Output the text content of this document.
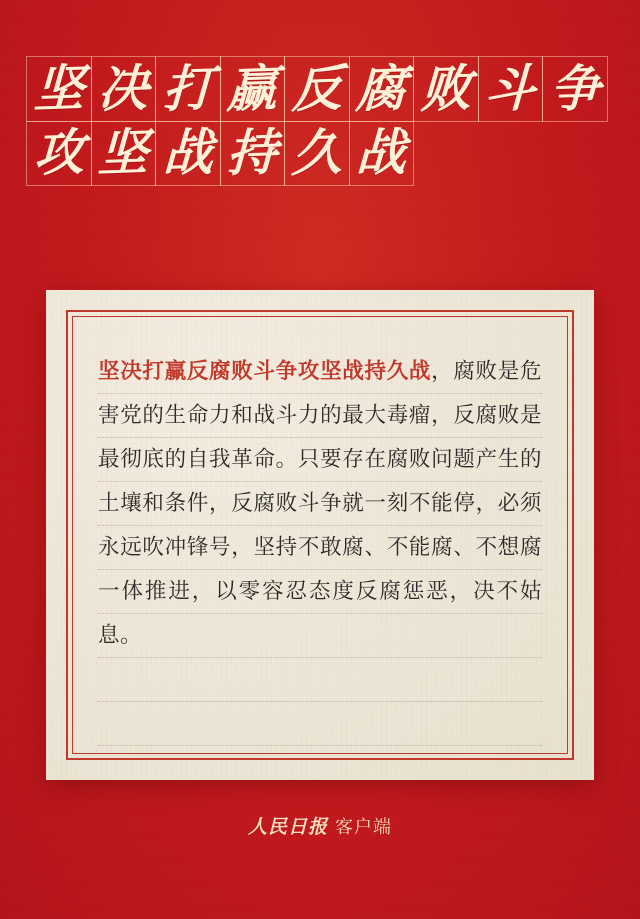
坚 决 打 赢 反 腐 败 斗 争
攻 坚 战 持 久 战

坚决打赢反腐败斗争攻坚战持久战，腐败是危害党的生命力和战斗力的最大毒瘤，反腐败是最彻底的自我革命。只要存在腐败问题产生的土壤和条件，反腐败斗争就一刻不能停，必须永远吹冲锋号，坚持不敢腐、不能腐、不想腐一体推进，以零容忍态度反腐惩恶，决不姑息。

人民日报 客户端
